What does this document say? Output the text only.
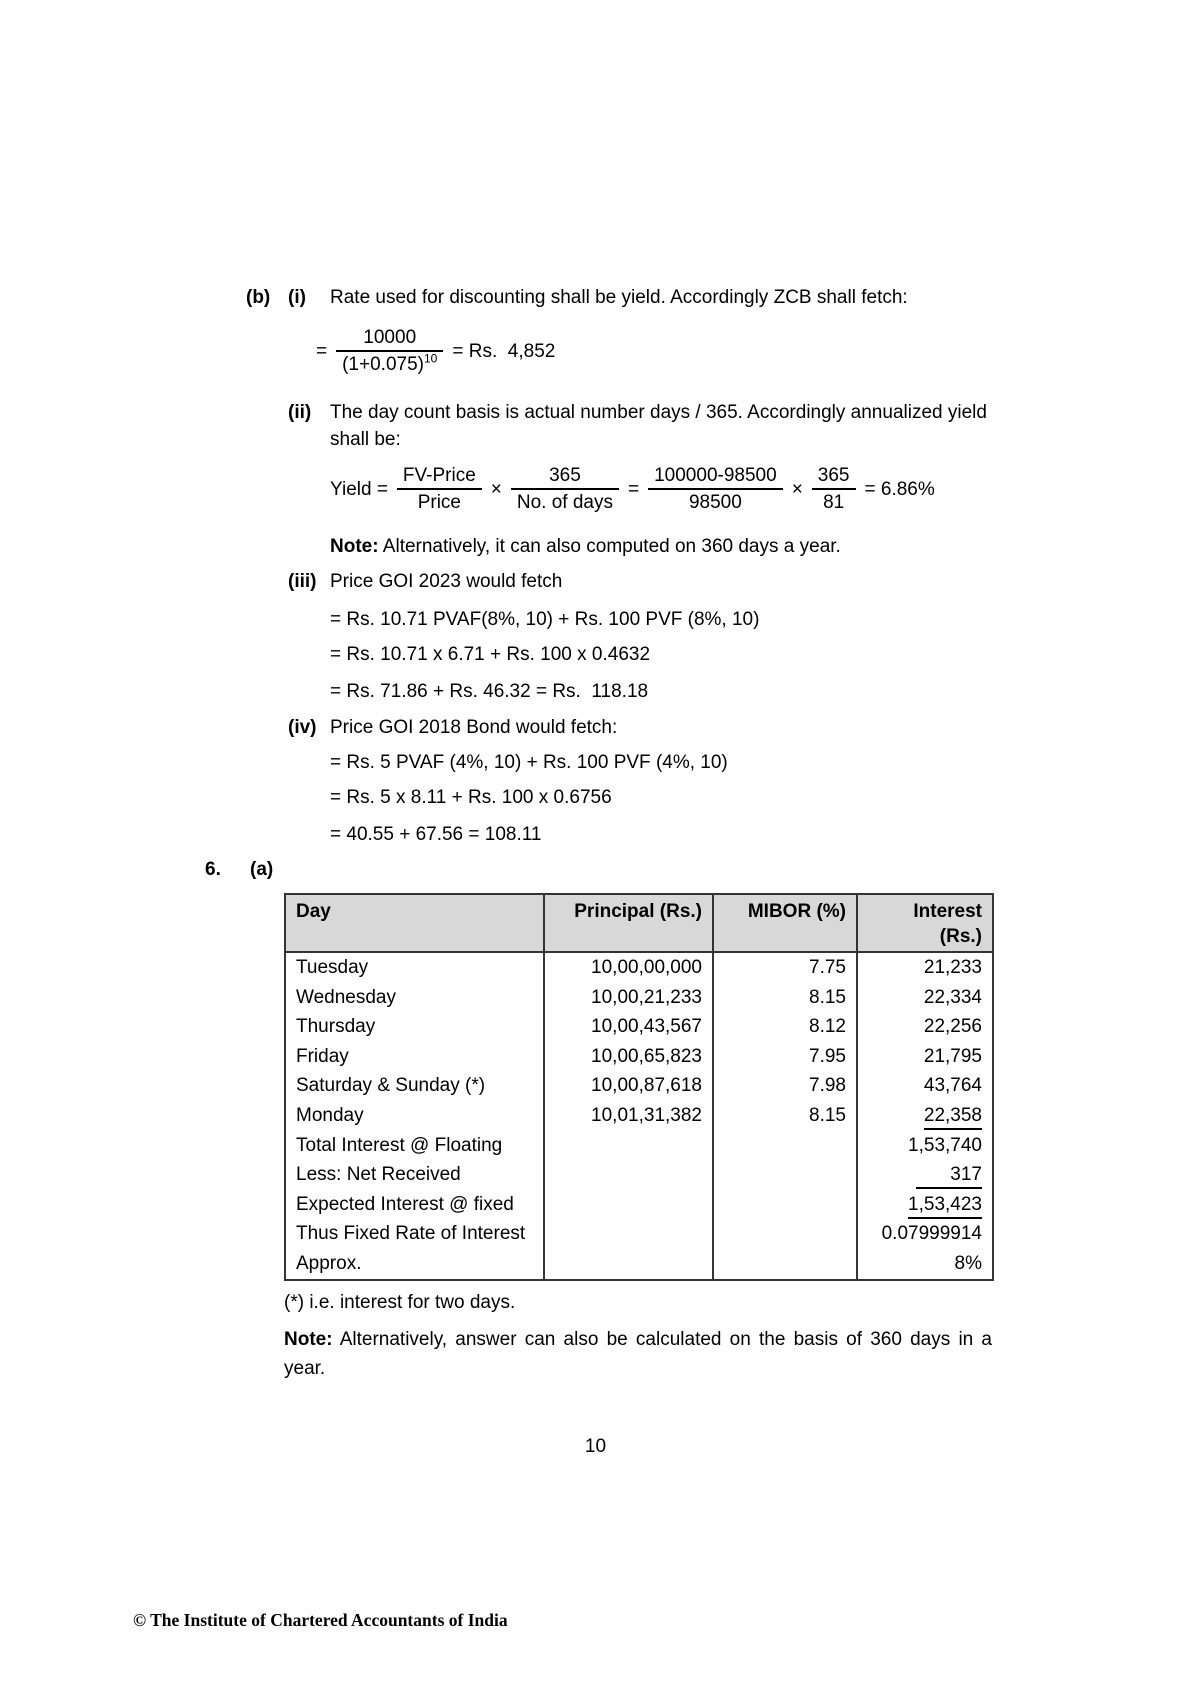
(b) (i) Rate used for discounting shall be yield. Accordingly ZCB shall fetch:
= $\frac{10000}{(1+0.075)^{10}} = Rs$.  4,852
(ii) The day count basis is actual number days / 365. Accordingly annualized yield
shall be:
Yield = $\frac{\text{FV-Price}}{\text{Price}} \times \frac{365}{\text{No. of days}} = \frac{100000-98500}{98500} \times \frac{365}{81} = 6.86\%$
Note: Alternatively, it can also computed on 360 days a year.
(iii) Price GOI 2023 would fetch
= Rs. 10.71 PVAF(8%, 10) + Rs. 100 PVF (8%, 10)
= Rs. 10.71 x 6.71 + Rs. 100 x 0.4632
= Rs. 71.86 + Rs. 46.32 = Rs.  118.18
(iv) Price GOI 2018 Bond would fetch:
= Rs. 5 PVAF (4%, 10) + Rs. 100 PVF (4%, 10)
= Rs. 5 x 8.11 + Rs. 100 x 0.6756
= 40.55 + 67.56 = 108.11
6. (a)
Day	Principal (Rs.)	MIBOR (%)	Interest
(Rs.)

Tuesday	10,00,00,000	7.75	21,233
Wednesday	10,00,21,233	8.15	22,334
Thursday	10,00,43,567	8.12	22,256
Friday	10,00,65,823	7.95	21,795
Saturday & Sunday (*)	10,00,87,618	7.98	43,764
Monday	10,01,31,382	8.15	22,358
Total Interest @ Floating			1,53,740
Less: Net Received			317
Expected Interest @ fixed			1,53,423
Thus Fixed Rate of Interest			0.07999914
Approx.			8%
(*) i.e. interest for two days.
Note: Alternatively, answer can also be calculated on the basis of 360 days in a year.
10
© The Institute of Chartered Accountants of India
